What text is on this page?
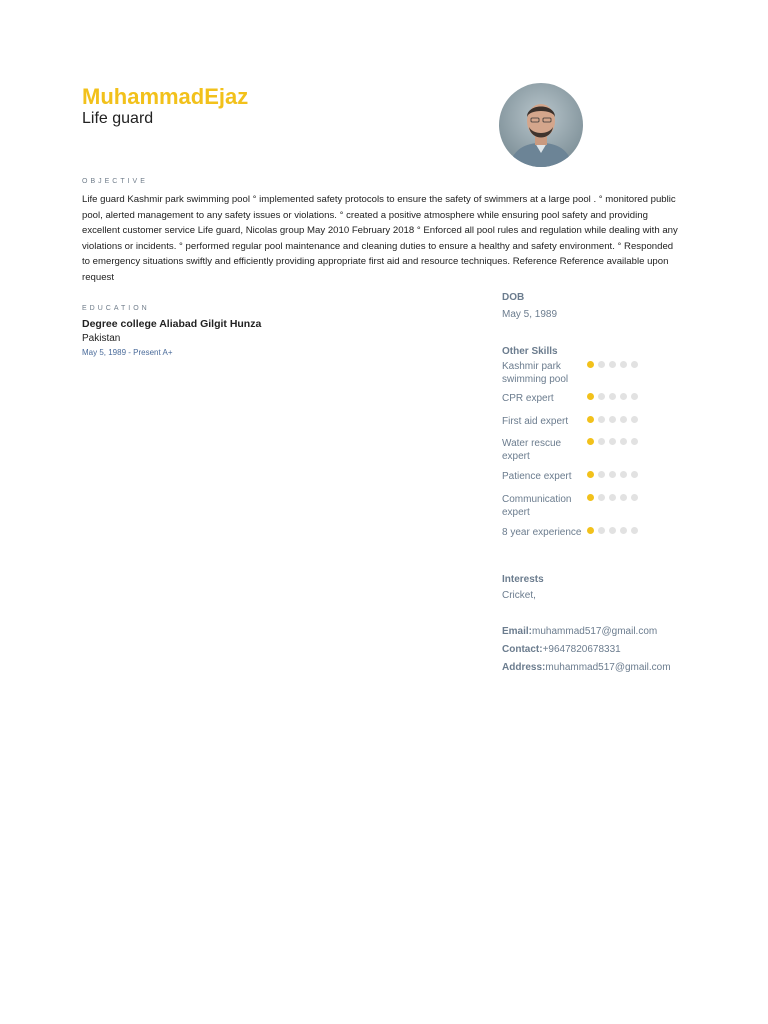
MuhammadEjaz
Life guard
OBJECTIVE
Life guard Kashmir park swimming pool ° implemented safety protocols to ensure the safety of swimmers at a large pool . ° monitored public pool, alerted management to any safety issues or violations. ° created a positive atmosphere while ensuring pool safety and providing excellent customer service Life guard, Nicolas group May 2010 February 2018 ° Enforced all pool rules and regulation while dealing with any violations or incidents. ° performed regular pool maintenance and cleaning duties to ensure a healthy and safety environment. ° Responded to emergency situations swiftly and efficiently providing appropriate first aid and resource techniques. Reference Reference available upon request
EDUCATION
Degree college Aliabad Gilgit Hunza
Pakistan
May 5, 1989 - Present A+
DOB
May 5, 1989
Other Skills
Kashmir park swimming pool
CPR expert
First aid expert
Water rescue expert
Patience expert
Communication expert
8 year experience
Interests
Cricket,
Email:muhammad517@gmail.com
Contact:+9647820678331
Address:muhammad517@gmail.com
